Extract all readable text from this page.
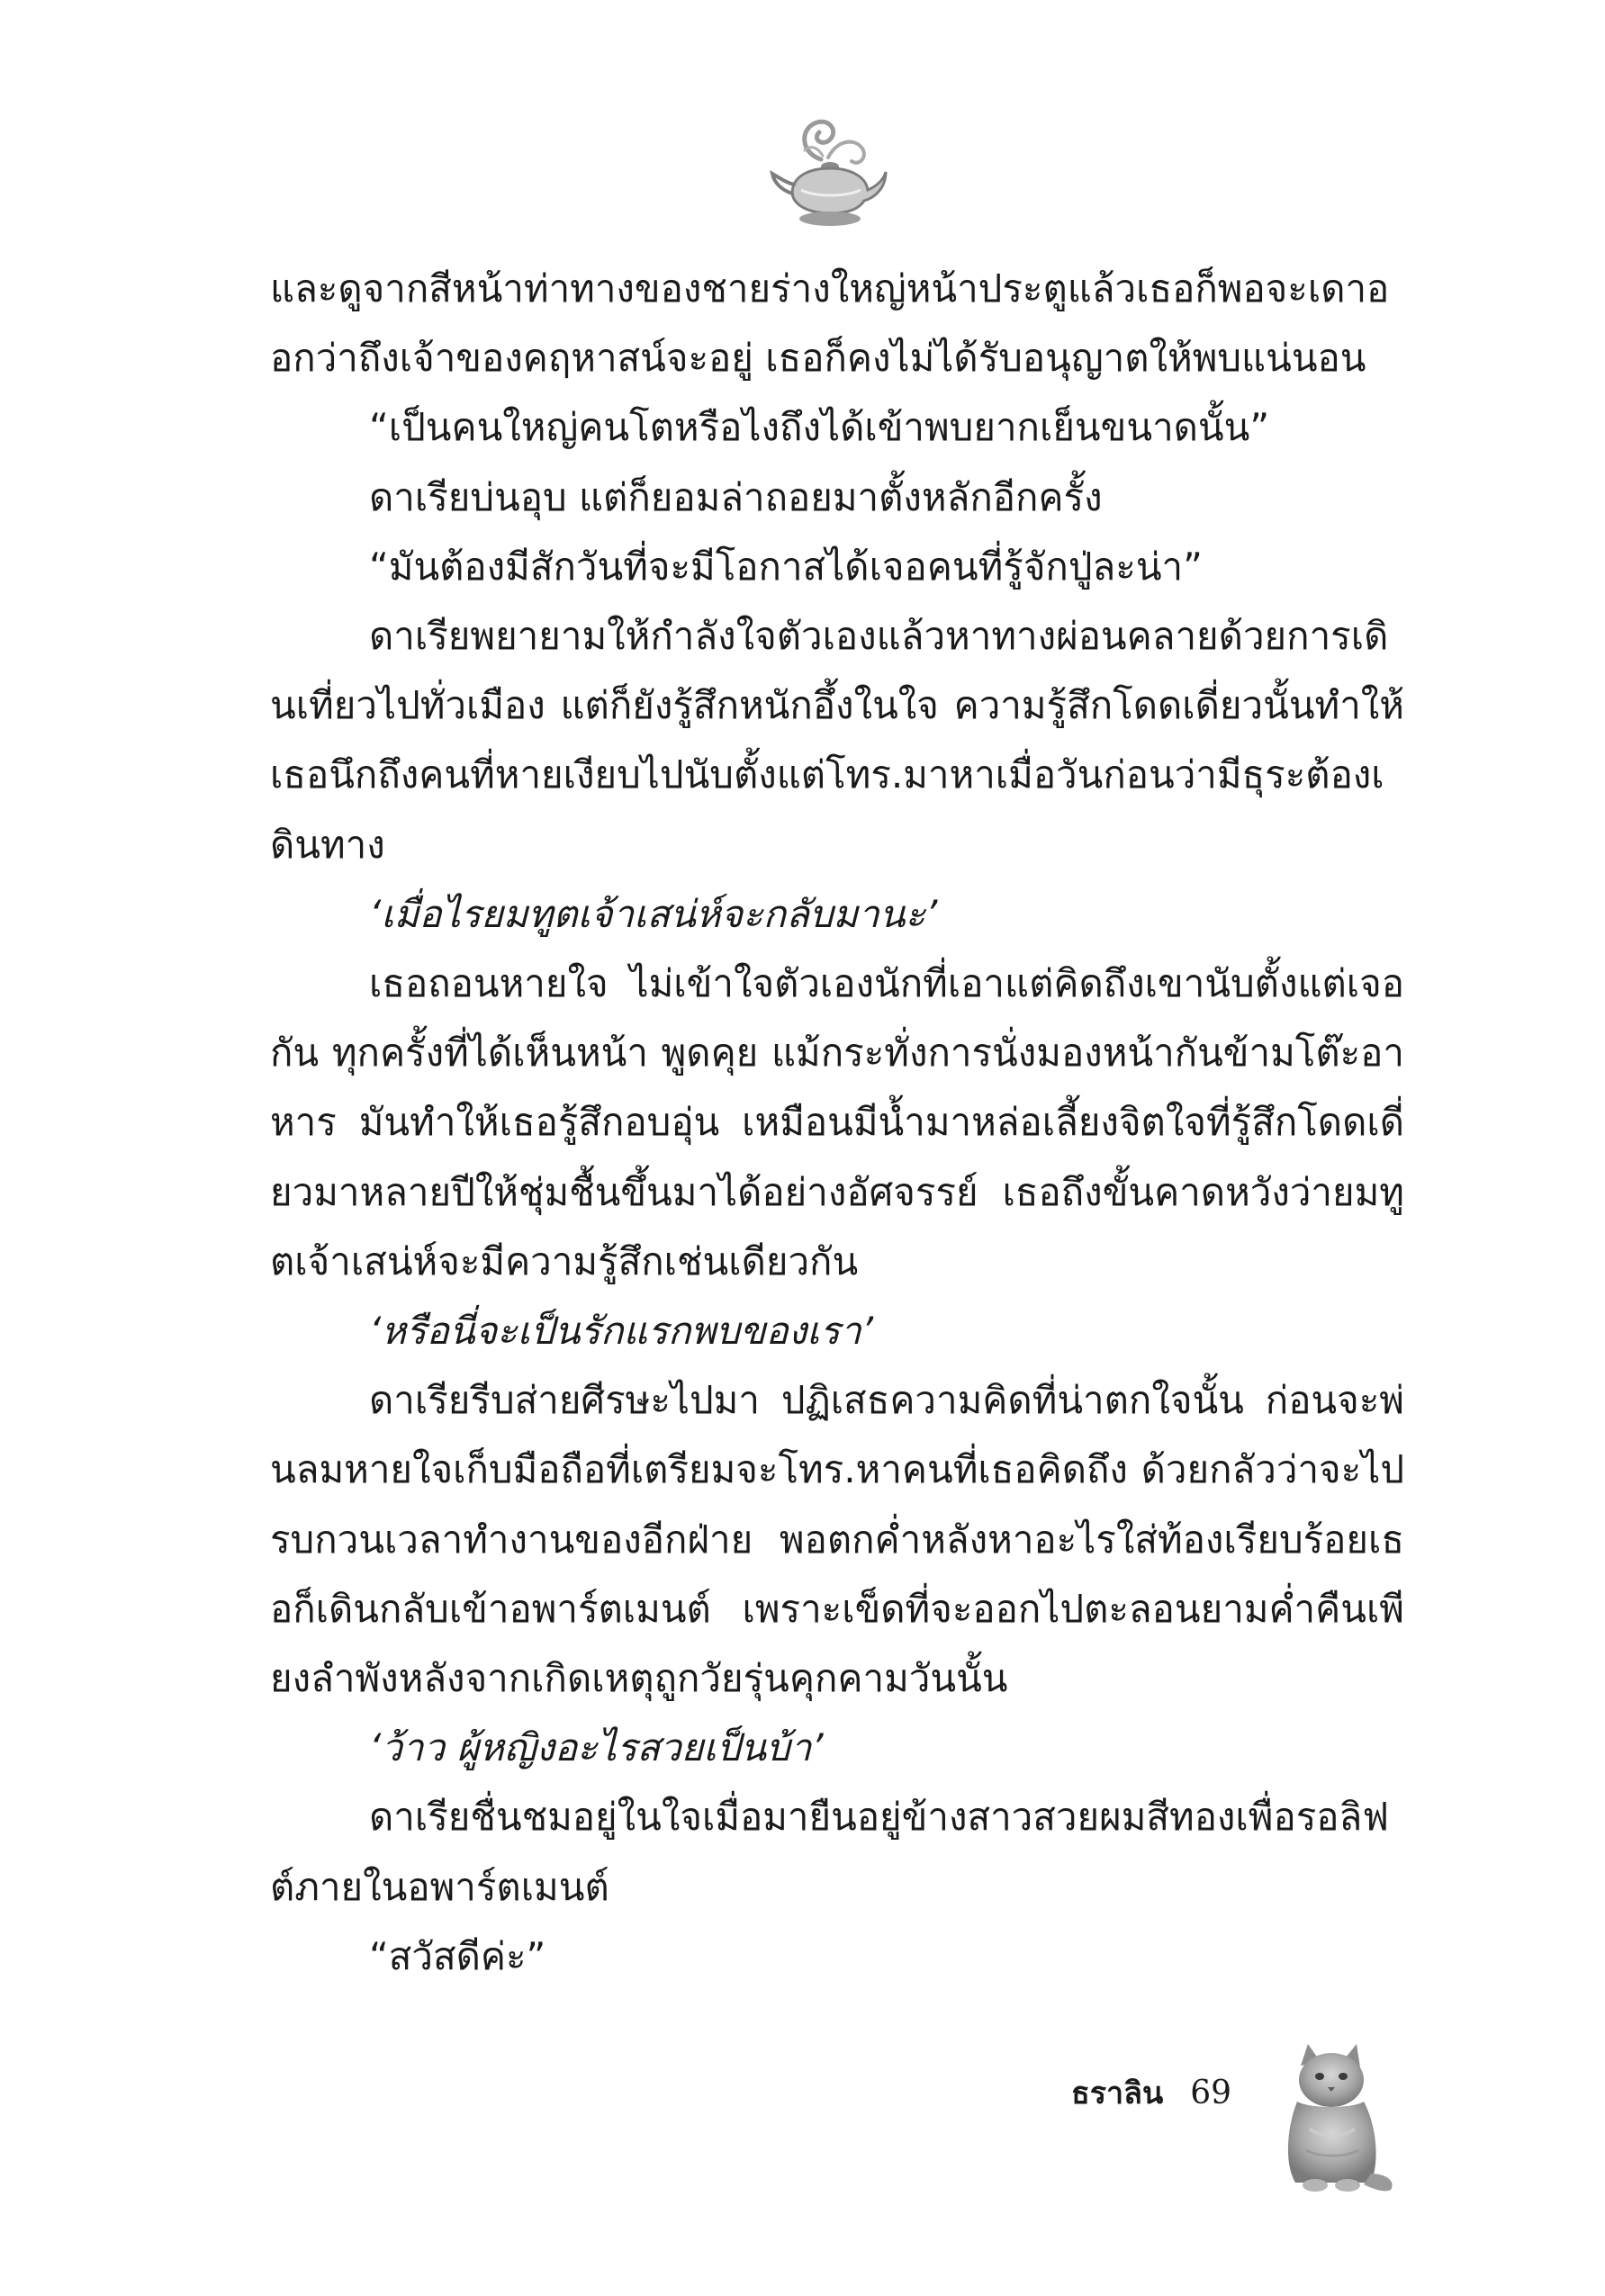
และดูจากสีหน้าท่าทางของชายร่างใหญ่หน้าประตูแล้วเธอก็พอจะเดาออกว่าถึงเจ้าของคฤหาสน์จะอยู่ เธอก็คงไม่ได้รับอนุญาตให้พบแน่นอน

“เป็นคนใหญ่คนโตหรือไงถึงได้เข้าพบยากเย็นขนาดนั้น”

ดาเรียบ่นอุบ แต่ก็ยอมล่าถอยมาตั้งหลักอีกครั้ง

“มันต้องมีสักวันที่จะมีโอกาสได้เจอคนที่รู้จักปู่ละน่า”

ดาเรียพยายามให้กำลังใจตัวเองแล้วหาทางผ่อนคลายด้วยการเดินเที่ยวไปทั่วเมือง แต่ก็ยังรู้สึกหนักอึ้งในใจ ความรู้สึกโดดเดี่ยวนั้นทำให้เธอนึกถึงคนที่หายเงียบไปนับตั้งแต่โทร.มาหาเมื่อวันก่อนว่ามีธุระต้องเดินทาง

‘เมื่อไรยมทูตเจ้าเสน่ห์จะกลับมานะ’

เธอถอนหายใจ ไม่เข้าใจตัวเองนักที่เอาแต่คิดถึงเขานับตั้งแต่เจอกัน ทุกครั้งที่ได้เห็นหน้า พูดคุย แม้กระทั่งการนั่งมองหน้ากันข้ามโต๊ะอาหาร มันทำให้เธอรู้สึกอบอุ่น เหมือนมีน้ำมาหล่อเลี้ยงจิตใจที่รู้สึกโดดเดี่ยวมาหลายปีให้ชุ่มชื้นขึ้นมาได้อย่างอัศจรรย์ เธอถึงขั้นคาดหวังว่ายมทูตเจ้าเสน่ห์จะมีความรู้สึกเช่นเดียวกัน

‘หรือนี่จะเป็นรักแรกพบของเรา’

ดาเรียรีบส่ายศีรษะไปมา ปฏิเสธความคิดที่น่าตกใจนั้น ก่อนจะพ่นลมหายใจเก็บมือถือที่เตรียมจะโทร.หาคนที่เธอคิดถึง ด้วยกลัวว่าจะไปรบกวนเวลาทำงานของอีกฝ่าย พอตกค่ำหลังหาอะไรใส่ท้องเรียบร้อยเธอก็เดินกลับเข้าอพาร์ตเมนต์ เพราะเข็ดที่จะออกไปตะลอนยามค่ำคืนเพียงลำพังหลังจากเกิดเหตุถูกวัยรุ่นคุกคามวันนั้น

‘ว้าว ผู้หญิงอะไรสวยเป็นบ้า’

ดาเรียชื่นชมอยู่ในใจเมื่อมายืนอยู่ข้างสาวสวยผมสีทองเพื่อรอลิฟต์ภายในอพาร์ตเมนต์

“สวัสดีค่ะ”

ธราลิน 69
